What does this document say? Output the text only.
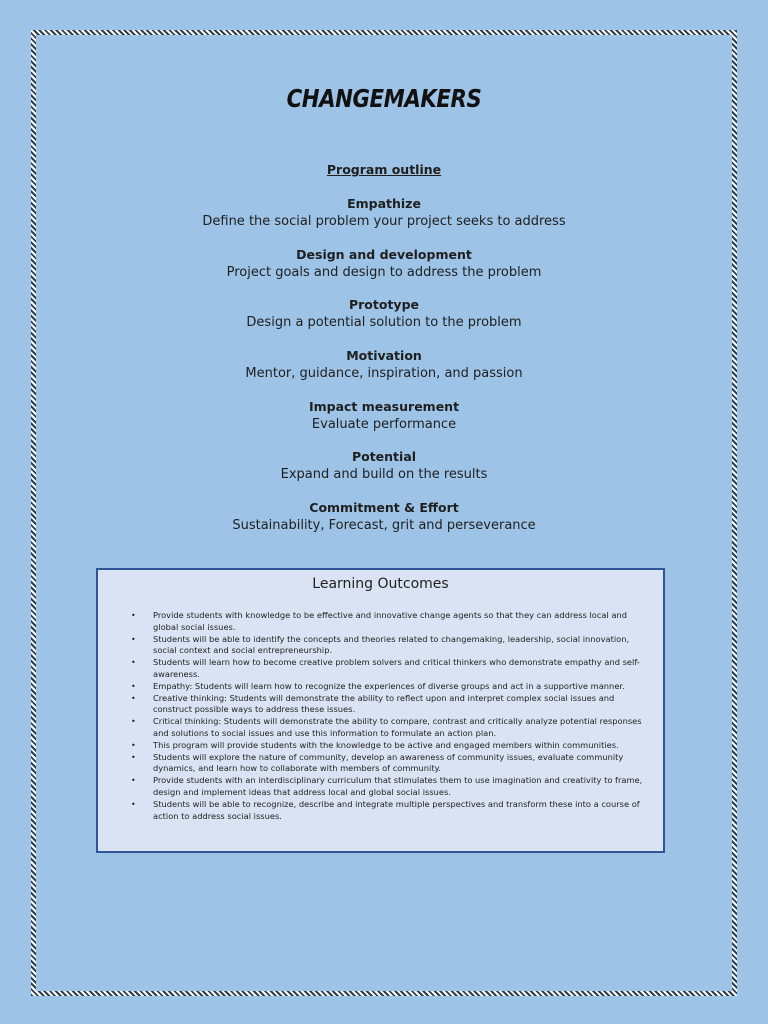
CHANGEMAKERS
Program outline
Empathize
Define the social problem your project seeks to address
Design and development
Project goals and design to address the problem
Prototype
Design a potential solution to the problem
Motivation
Mentor, guidance, inspiration, and passion
Impact measurement
Evaluate performance
Potential
Expand and build on the results
Commitment & Effort
Sustainability, Forecast, grit and perseverance
Learning Outcomes
• Provide students with knowledge to be effective and innovative change agents so that they can address local and global social issues.
• Students will be able to identify the concepts and theories related to changemaking, leadership, social innovation, social context and social entrepreneurship.
• Students will learn how to become creative problem solvers and critical thinkers who demonstrate empathy and self-awareness.
• Empathy: Students will learn how to recognize the experiences of diverse groups and act in a supportive manner.
• Creative thinking: Students will demonstrate the ability to reflect upon and interpret complex social issues and construct possible ways to address these issues.
• Critical thinking: Students will demonstrate the ability to compare, contrast and critically analyze potential responses and solutions to social issues and use this information to formulate an action plan.
• This program will provide students with the knowledge to be active and engaged members within communities.
• Students will explore the nature of community, develop an awareness of community issues, evaluate community dynamics, and learn how to collaborate with members of community.
• Provide students with an interdisciplinary curriculum that stimulates them to use imagination and creativity to frame, design and implement ideas that address local and global social issues.
• Students will be able to recognize, describe and integrate multiple perspectives and transform these into a course of action to address social issues.
